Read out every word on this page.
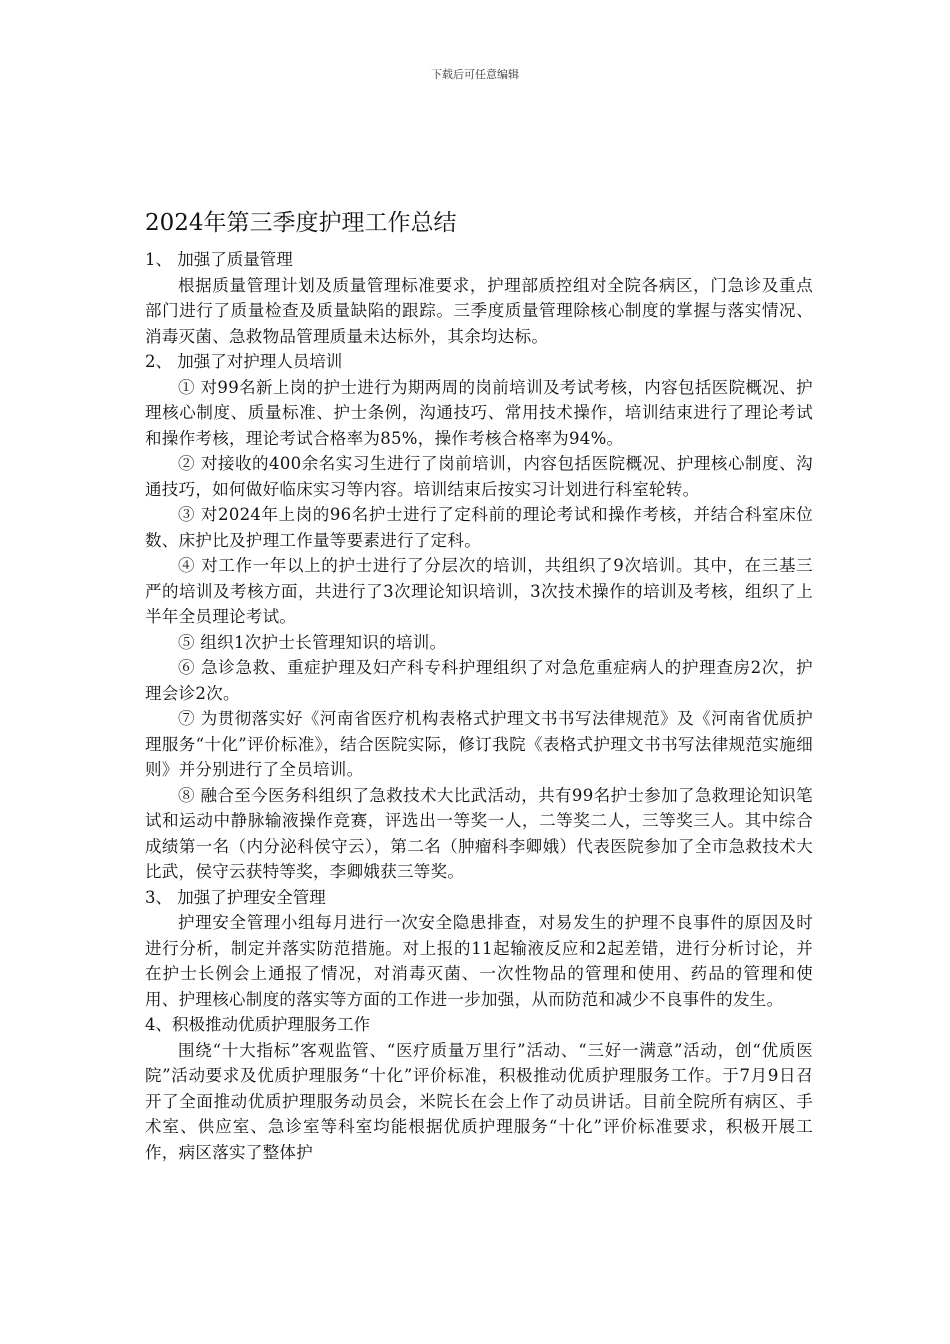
下载后可任意编辑
2024年第三季度护理工作总结

1、 加强了质量管理

根据质量管理计划及质量管理标准要求，护理部质控组对全院各病区，门急诊及重点部门进行了质量检查及质量缺陷的跟踪。三季度质量管理除核心制度的掌握与落实情况、消毒灭菌、急救物品管理质量未达标外，其余均达标。

2、 加强了对护理人员培训

① 对99名新上岗的护士进行为期两周的岗前培训及考试考核，内容包括医院概况、护理核心制度、质量标准、护士条例，沟通技巧、常用技术操作，培训结束进行了理论考试和操作考核，理论考试合格率为85%，操作考核合格率为94%。

② 对接收的400余名实习生进行了岗前培训，内容包括医院概况、护理核心制度、沟通技巧，如何做好临床实习等内容。培训结束后按实习计划进行科室轮转。

③ 对2024年上岗的96名护士进行了定科前的理论考试和操作考核，并结合科室床位数、床护比及护理工作量等要素进行了定科。

④ 对工作一年以上的护士进行了分层次的培训，共组织了9次培训。其中，在三基三严的培训及考核方面，共进行了3次理论知识培训，3次技术操作的培训及考核，组织了上半年全员理论考试。

⑤ 组织1次护士长管理知识的培训。

⑥ 急诊急救、重症护理及妇产科专科护理组织了对急危重症病人的护理查房2次，护理会诊2次。

⑦ 为贯彻落实好《河南省医疗机构表格式护理文书书写法律规范》及《河南省优质护理服务“十化”评价标准》，结合医院实际，修订我院《表格式护理文书书写法律规范实施细则》并分别进行了全员培训。

⑧ 融合至今医务科组织了急救技术大比武活动，共有99名护士参加了急救理论知识笔试和运动中静脉输液操作竞赛，评选出一等奖一人，二等奖二人，三等奖三人。其中综合成绩第一名（内分泌科侯守云），第二名（肿瘤科李卿娥）代表医院参加了全市急救技术大比武，侯守云获特等奖，李卿娥获三等奖。

3、 加强了护理安全管理

护理安全管理小组每月进行一次安全隐患排查，对易发生的护理不良事件的原因及时进行分析，制定并落实防范措施。对上报的11起输液反应和2起差错，进行分析讨论，并在护士长例会上通报了情况，对消毒灭菌、一次性物品的管理和使用、药品的管理和使用、护理核心制度的落实等方面的工作进一步加强，从而防范和减少不良事件的发生。

4、积极推动优质护理服务工作

围绕“十大指标”客观监管、“医疗质量万里行”活动、“三好一满意”活动，创“优质医院”活动要求及优质护理服务“十化”评价标准，积极推动优质护理服务工作。于7月9日召开了全面推动优质护理服务动员会，米院长在会上作了动员讲话。目前全院所有病区、手术室、供应室、急诊室等科室均能根据优质护理服务“十化”评价标准要求，积极开展工作，病区落实了整体护
